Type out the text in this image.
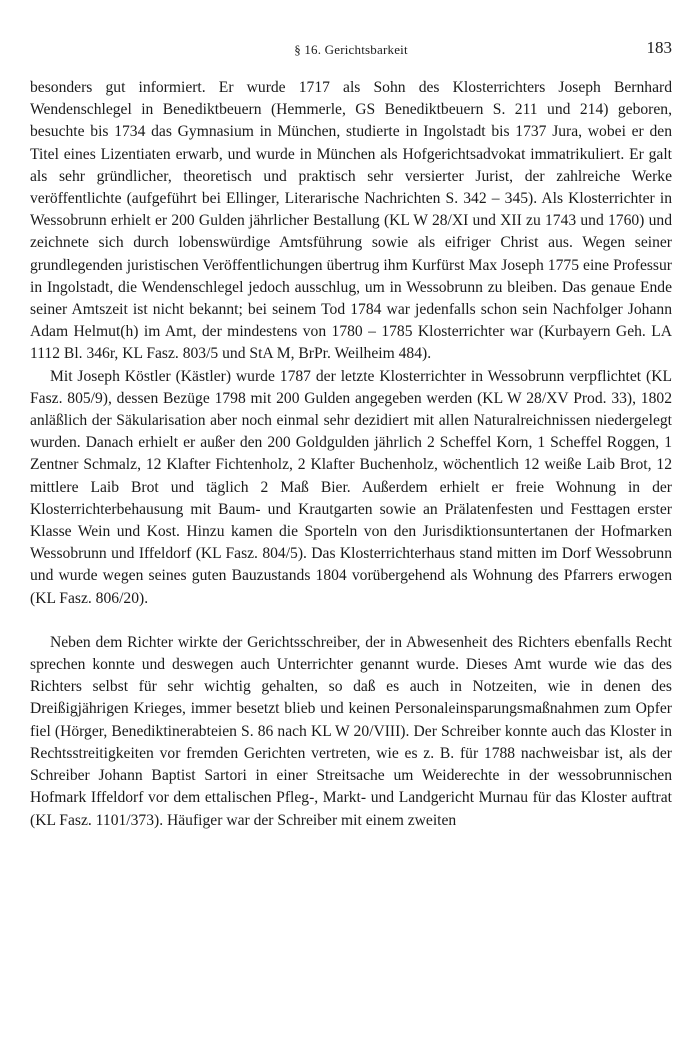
§ 16. Gerichtsbarkeit	183

besonders gut informiert. Er wurde 1717 als Sohn des Klosterrichters Joseph Bernhard Wendenschlegel in Benediktbeuern (Hemmerle, GS Benediktbeuern S. 211 und 214) geboren, besuchte bis 1734 das Gymnasium in München, studierte in Ingolstadt bis 1737 Jura, wobei er den Titel eines Lizentiaten erwarb, und wurde in München als Hofgerichtsadvokat immatrikuliert. Er galt als sehr gründlicher, theoretisch und praktisch sehr versierter Jurist, der zahlreiche Werke veröffentlichte (aufgeführt bei Ellinger, Literarische Nachrichten S. 342 – 345). Als Klosterrichter in Wessobrunn erhielt er 200 Gulden jährlicher Bestallung (KL W 28/XI und XII zu 1743 und 1760) und zeichnete sich durch lobenswürdige Amtsführung sowie als eifriger Christ aus. Wegen seiner grundlegenden juristischen Veröffentlichungen übertrug ihm Kurfürst Max Joseph 1775 eine Professur in Ingolstadt, die Wendenschlegel jedoch ausschlug, um in Wessobrunn zu bleiben. Das genaue Ende seiner Amtszeit ist nicht bekannt; bei seinem Tod 1784 war jedenfalls schon sein Nachfolger Johann Adam Helmut(h) im Amt, der mindestens von 1780 – 1785 Klosterrichter war (Kurbayern Geh. LA 1112 Bl. 346r, KL Fasz. 803/5 und StA M, BrPr. Weilheim 484).

Mit Joseph Köstler (Kästler) wurde 1787 der letzte Klosterrichter in Wessobrunn verpflichtet (KL Fasz. 805/9), dessen Bezüge 1798 mit 200 Gulden angegeben werden (KL W 28/XV Prod. 33), 1802 anläßlich der Säkularisation aber noch einmal sehr dezidiert mit allen Naturalreichnissen niedergelegt wurden. Danach erhielt er außer den 200 Goldgulden jährlich 2 Scheffel Korn, 1 Scheffel Roggen, 1 Zentner Schmalz, 12 Klafter Fichtenholz, 2 Klafter Buchenholz, wöchentlich 12 weiße Laib Brot, 12 mittlere Laib Brot und täglich 2 Maß Bier. Außerdem erhielt er freie Wohnung in der Klosterrichterbehausung mit Baum- und Krautgarten sowie an Prälatenfesten und Festtagen erster Klasse Wein und Kost. Hinzu kamen die Sporteln von den Jurisdiktionsuntertanen der Hofmarken Wessobrunn und Iffeldorf (KL Fasz. 804/5). Das Klosterrichterhaus stand mitten im Dorf Wessobrunn und wurde wegen seines guten Bauzustands 1804 vorübergehend als Wohnung des Pfarrers erwogen (KL Fasz. 806/20).

Neben dem Richter wirkte der Gerichtsschreiber, der in Abwesenheit des Richters ebenfalls Recht sprechen konnte und deswegen auch Unterrichter genannt wurde. Dieses Amt wurde wie das des Richters selbst für sehr wichtig gehalten, so daß es auch in Notzeiten, wie in denen des Dreißigjährigen Krieges, immer besetzt blieb und keinen Personaleinsparungsmaßnahmen zum Opfer fiel (Hörger, Benediktinerabteien S. 86 nach KL W 20/VIII). Der Schreiber konnte auch das Kloster in Rechtsstreitigkeiten vor fremden Gerichten vertreten, wie es z. B. für 1788 nachweisbar ist, als der Schreiber Johann Baptist Sartori in einer Streitsache um Weiderechte in der wessobrunnischen Hofmark Iffeldorf vor dem ettalischen Pfleg-, Markt- und Landgericht Murnau für das Kloster auftrat (KL Fasz. 1101/373). Häufiger war der Schreiber mit einem zweiten
